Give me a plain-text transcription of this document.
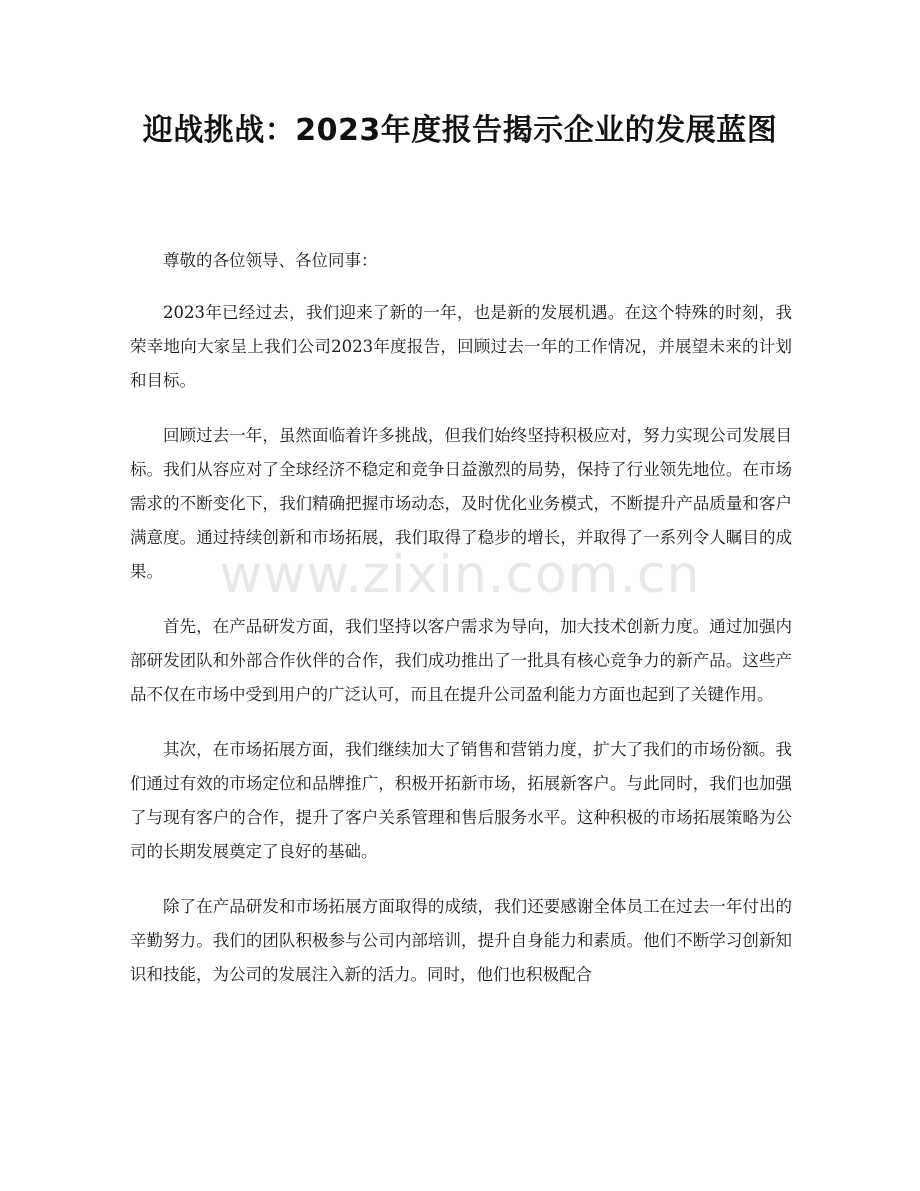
迎战挑战：2023年度报告揭示企业的发展蓝图

尊敬的各位领导、各位同事：

2023年已经过去，我们迎来了新的一年，也是新的发展机遇。在这个特殊的时刻，我荣幸地向大家呈上我们公司2023年度报告，回顾过去一年的工作情况，并展望未来的计划和目标。

回顾过去一年，虽然面临着许多挑战，但我们始终坚持积极应对，努力实现公司发展目标。我们从容应对了全球经济不稳定和竞争日益激烈的局势，保持了行业领先地位。在市场需求的不断变化下，我们精确把握市场动态，及时优化业务模式，不断提升产品质量和客户满意度。通过持续创新和市场拓展，我们取得了稳步的增长，并取得了一系列令人瞩目的成果。

首先，在产品研发方面，我们坚持以客户需求为导向，加大技术创新力度。通过加强内部研发团队和外部合作伙伴的合作，我们成功推出了一批具有核心竞争力的新产品。这些产品不仅在市场中受到用户的广泛认可，而且在提升公司盈利能力方面也起到了关键作用。

其次，在市场拓展方面，我们继续加大了销售和营销力度，扩大了我们的市场份额。我们通过有效的市场定位和品牌推广，积极开拓新市场，拓展新客户。与此同时，我们也加强了与现有客户的合作，提升了客户关系管理和售后服务水平。这种积极的市场拓展策略为公司的长期发展奠定了良好的基础。

除了在产品研发和市场拓展方面取得的成绩，我们还要感谢全体员工在过去一年付出的辛勤努力。我们的团队积极参与公司内部培训，提升自身能力和素质。他们不断学习创新知识和技能，为公司的发展注入新的活力。同时，他们也积极配合

www.zixin.com.cn
